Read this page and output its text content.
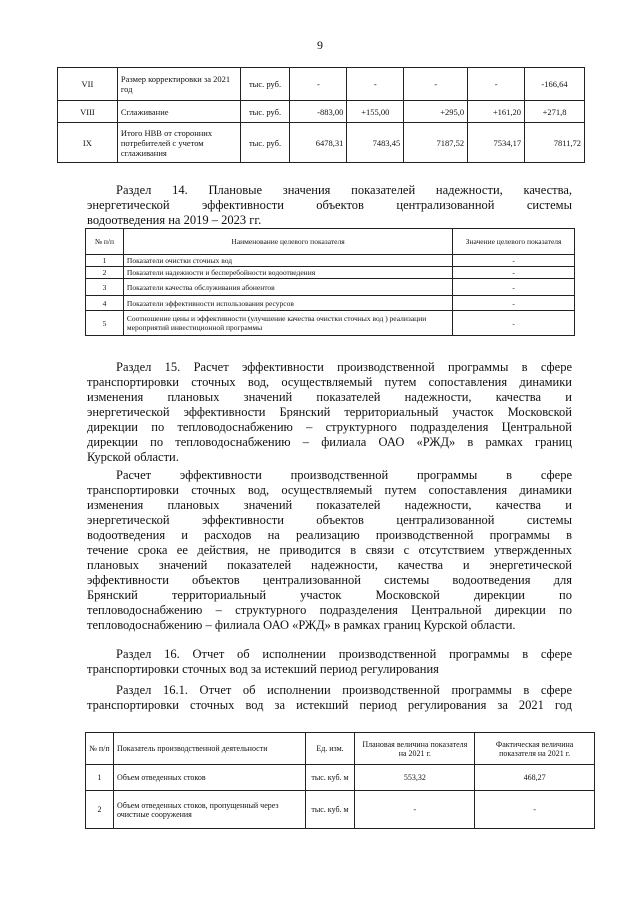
9
VII	Размер корректировки за 2021 год	тыс. руб.	-	-	-	-	-166,64
VIII	Сглаживание	тыс. руб.	-883,00	+155,00	+295,0	+161,20	+271,8
IX	Итого НВВ от сторонних потребителей с учетом сглаживания	тыс. руб.	6478,31	7483,45	7187,52	7534,17	7811,72
Раздел 14. Плановые значения показателей надежности, качества,
энергетической эффективности объектов централизованной системы
водоотведения на 2019 – 2023 гг.
№ п/п	Наименование целевого показателя	Значение целевого показателя
1	Показатели очистки сточных вод	-
2	Показатели надежности и бесперебойности водоотведения	-
3	Показатели качества обслуживания абонентов	-
4	Показатели эффективности использования ресурсов	-
5	Соотношение цены и эффективности (улучшение качества очистки сточных вод ) реализации мероприятий инвестиционной программы	-
Раздел 15. Расчет эффективности производственной программы в сфере
транспортировки сточных вод, осуществляемый путем сопоставления динамики
изменения плановых значений показателей надежности, качества и
энергетической эффективности Брянский территориальный участок Московской
дирекции по тепловодоснабжению – структурного подразделения Центральной
дирекции по тепловодоснабжению – филиала ОАО «РЖД» в рамках границ
Курской области.
Расчет эффективности производственной программы в сфере
транспортировки сточных вод, осуществляемый путем сопоставления динамики
изменения плановых значений показателей надежности, качества и
энергетической эффективности объектов централизованной системы
водоотведения и расходов на реализацию производственной программы в
течение срока ее действия, не приводится в связи с отсутствием утвержденных
плановых значений показателей надежности, качества и энергетической
эффективности объектов централизованной системы водоотведения для
Брянский территориальный участок Московской дирекции по
тепловодоснабжению – структурного подразделения Центральной дирекции по
тепловодоснабжению – филиала ОАО «РЖД» в рамках границ Курской области.
Раздел 16. Отчет об исполнении производственной программы в сфере
транспортировки сточных вод за истекший период регулирования
Раздел 16.1. Отчет об исполнении производственной программы в сфере
транспортировки сточных вод за истекший период регулирования за 2021 год
№ п/п	Показатель производственной деятельности	Ед. изм.	Плановая величина показателя на 2021 г.	Фактическая величина показателя на 2021 г.
1	Объем отведенных стоков	тыс. куб. м	553,32	468,27
2	Объем отведенных стоков, пропущенный через очистные сооружения	тыс. куб. м	-	-
